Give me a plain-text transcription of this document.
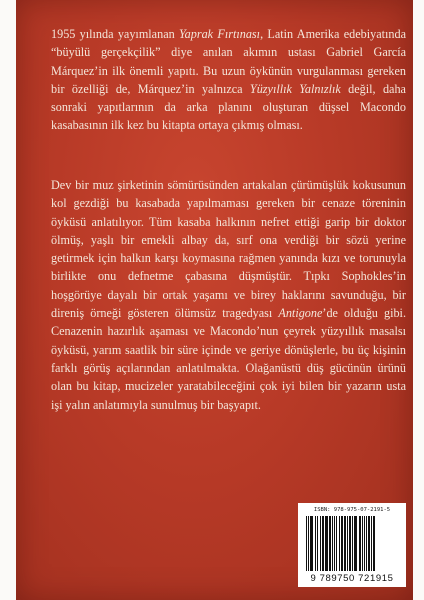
1955 yılında yayımlanan Yaprak Fırtınası, Latin Amerika edebiyatında “büyülü gerçekçilik” diye anılan akımın ustası Gabriel García Márquez’in ilk önemli yapıtı. Bu uzun öykünün vurgulanması gereken bir özelliği de, Márquez’in yalnızca Yüzyıllık Yalnızlık değil, daha sonraki yapıtlarının da arka planını oluşturan düşsel Macondo kasabasının ilk kez bu kitapta ortaya çıkmış olması.

Dev bir muz şirketinin sömürüsünden artakalan çürümüşlük kokusunun kol gezdiği bu kasabada yapılmaması gereken bir cenaze töreninin öyküsü anlatılıyor. Tüm kasaba halkının nefret ettiği garip bir doktor ölmüş, yaşlı bir emekli albay da, sırf ona verdiği bir sözü yerine getirmek için halkın karşı koymasına rağmen yanında kızı ve torunuyla birlikte onu defnetme çabasına düşmüştür. Tıpkı Sophokles’in hoşgörüye dayalı bir ortak yaşamı ve birey haklarını savunduğu, bir direniş örneği gösteren ölümsüz tragedyası Antigone’de olduğu gibi. Cenazenin hazırlık aşaması ve Macondo’nun çeyrek yüzyıllık masalsı öyküsü, yarım saatlik bir süre içinde ve geriye dönüşlerle, bu üç kişinin farklı görüş açılarından anlatılmakta. Olağanüstü düş gücünün ürünü olan bu kitap, mucizeler yaratabileceğini çok iyi bilen bir yazarın usta işi yalın anlatımıyla sunulmuş bir başyapıt.

ISBN: 978-975-07-2191-5
9 789750 721915
